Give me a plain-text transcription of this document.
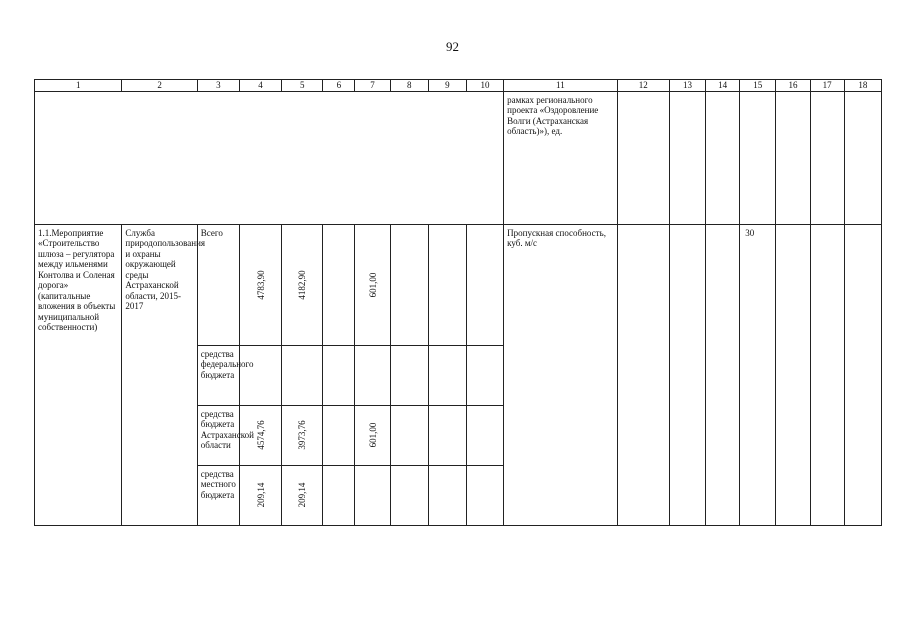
92
1	2	3	4	5	6	7	8	9	10	11	12	13	14	15	16	17	18

										рамках регионального проекта «Оздоровление Волги (Астраханская область)»), ед.							

1.1.Мероприятие «Строительство шлюза – регулятора между ильменями Контолва и Соленая дорога» (капитальные вложения в объекты муниципальной собственности)	Служба природопользования и охраны окружающей среды Астраханской области, 2015-2017	Всего	4783,90	4182,90		601,00				Пропускная способность, куб. м/с				30			

		средства федерального бюджета															

		средства бюджета Астраханской области	4574,76	3973,76		601,00											

		средства местного бюджета	209,14	209,14													
